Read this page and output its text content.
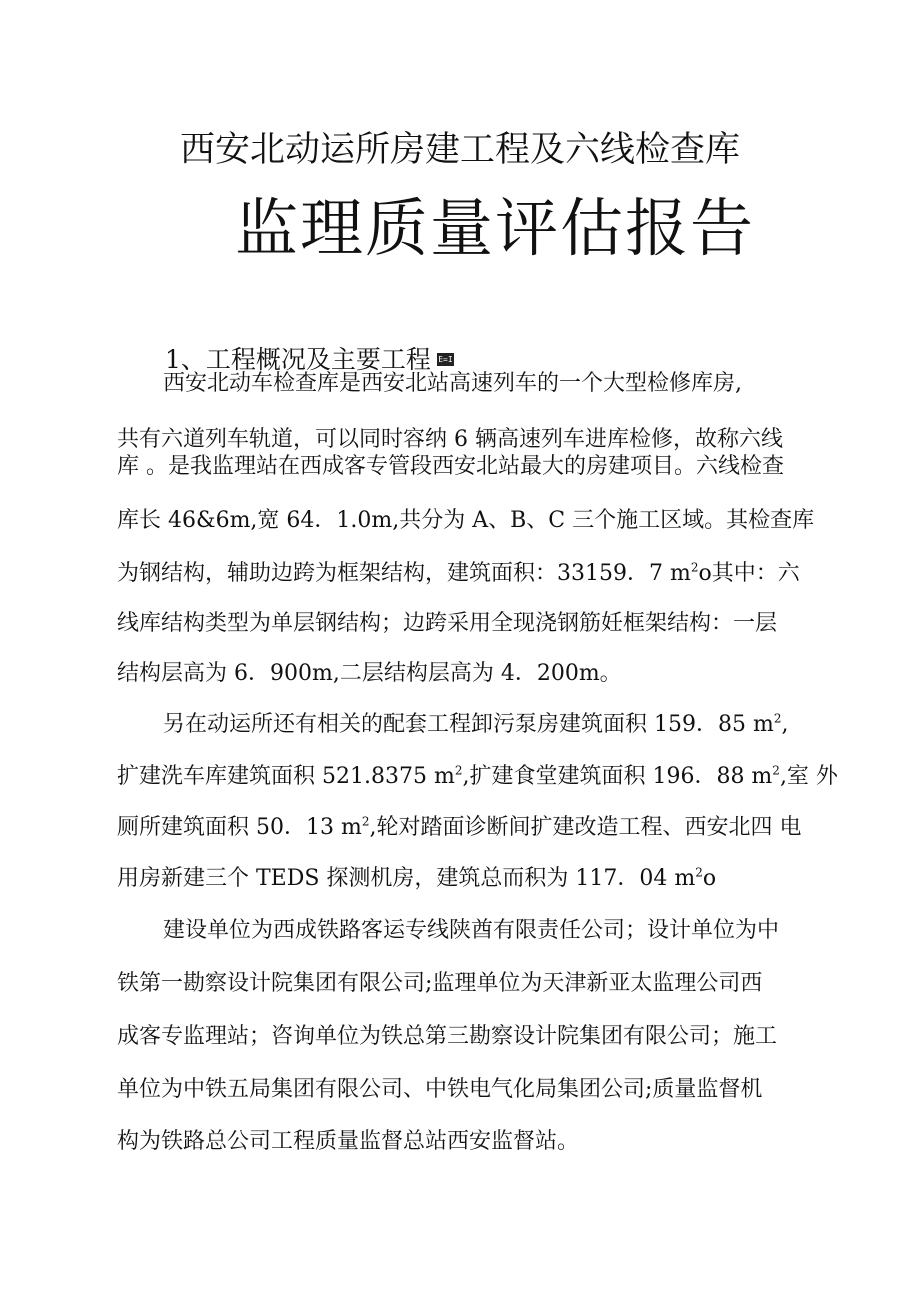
西安北动运所房建工程及六线检查库
监理质量评估报告
1、工程概况及主要工程 E=I
西安北动车检查库是西安北站高速列车的一个大型检修库房,
共有六道列车轨道，可以同时容纳 6 辆高速列车进库检修，故称六线
库 。是我监理站在西成客专管段西安北站最大的房建项目。六线检查
库长 46&6m,宽 64．1.0m,共分为 A、B、C 三个施工区域。其检查库
为钢结构，辅助边跨为框架结构，建筑面积：33159．7 $m^2o$其中：六
线库结构类型为单层钢结构；边跨采用全现浇钢筋妊框架结构：一层
结构层高为 6．900m,二层结构层高为 4．200m。
另在动运所还有相关的配套工程卸污泵房建筑面积 159．85 $m^2$,
扩建洗车库建筑面积 521.8375 $m^2$,扩建食堂建筑面积 196．88 $m^2$,室 外
厕所建筑面积 50．13 $m^2$,轮对踏面诊断间扩建改造工程、西安北四 电
用房新建三个 TEDS 探测机房，建筑总而积为 117．04 $m^2o$
建设单位为西成铁路客运专线陕酋有限责任公司；设计单位为中
铁第一勘察设计院集团有限公司;监理单位为天津新亚太监理公司西
成客专监理站；咨询单位为铁总第三勘察设计院集团有限公司；施工
单位为中铁五局集团有限公司、中铁电气化局集团公司;质量监督机
构为铁路总公司工程质量监督总站西安监督站。
